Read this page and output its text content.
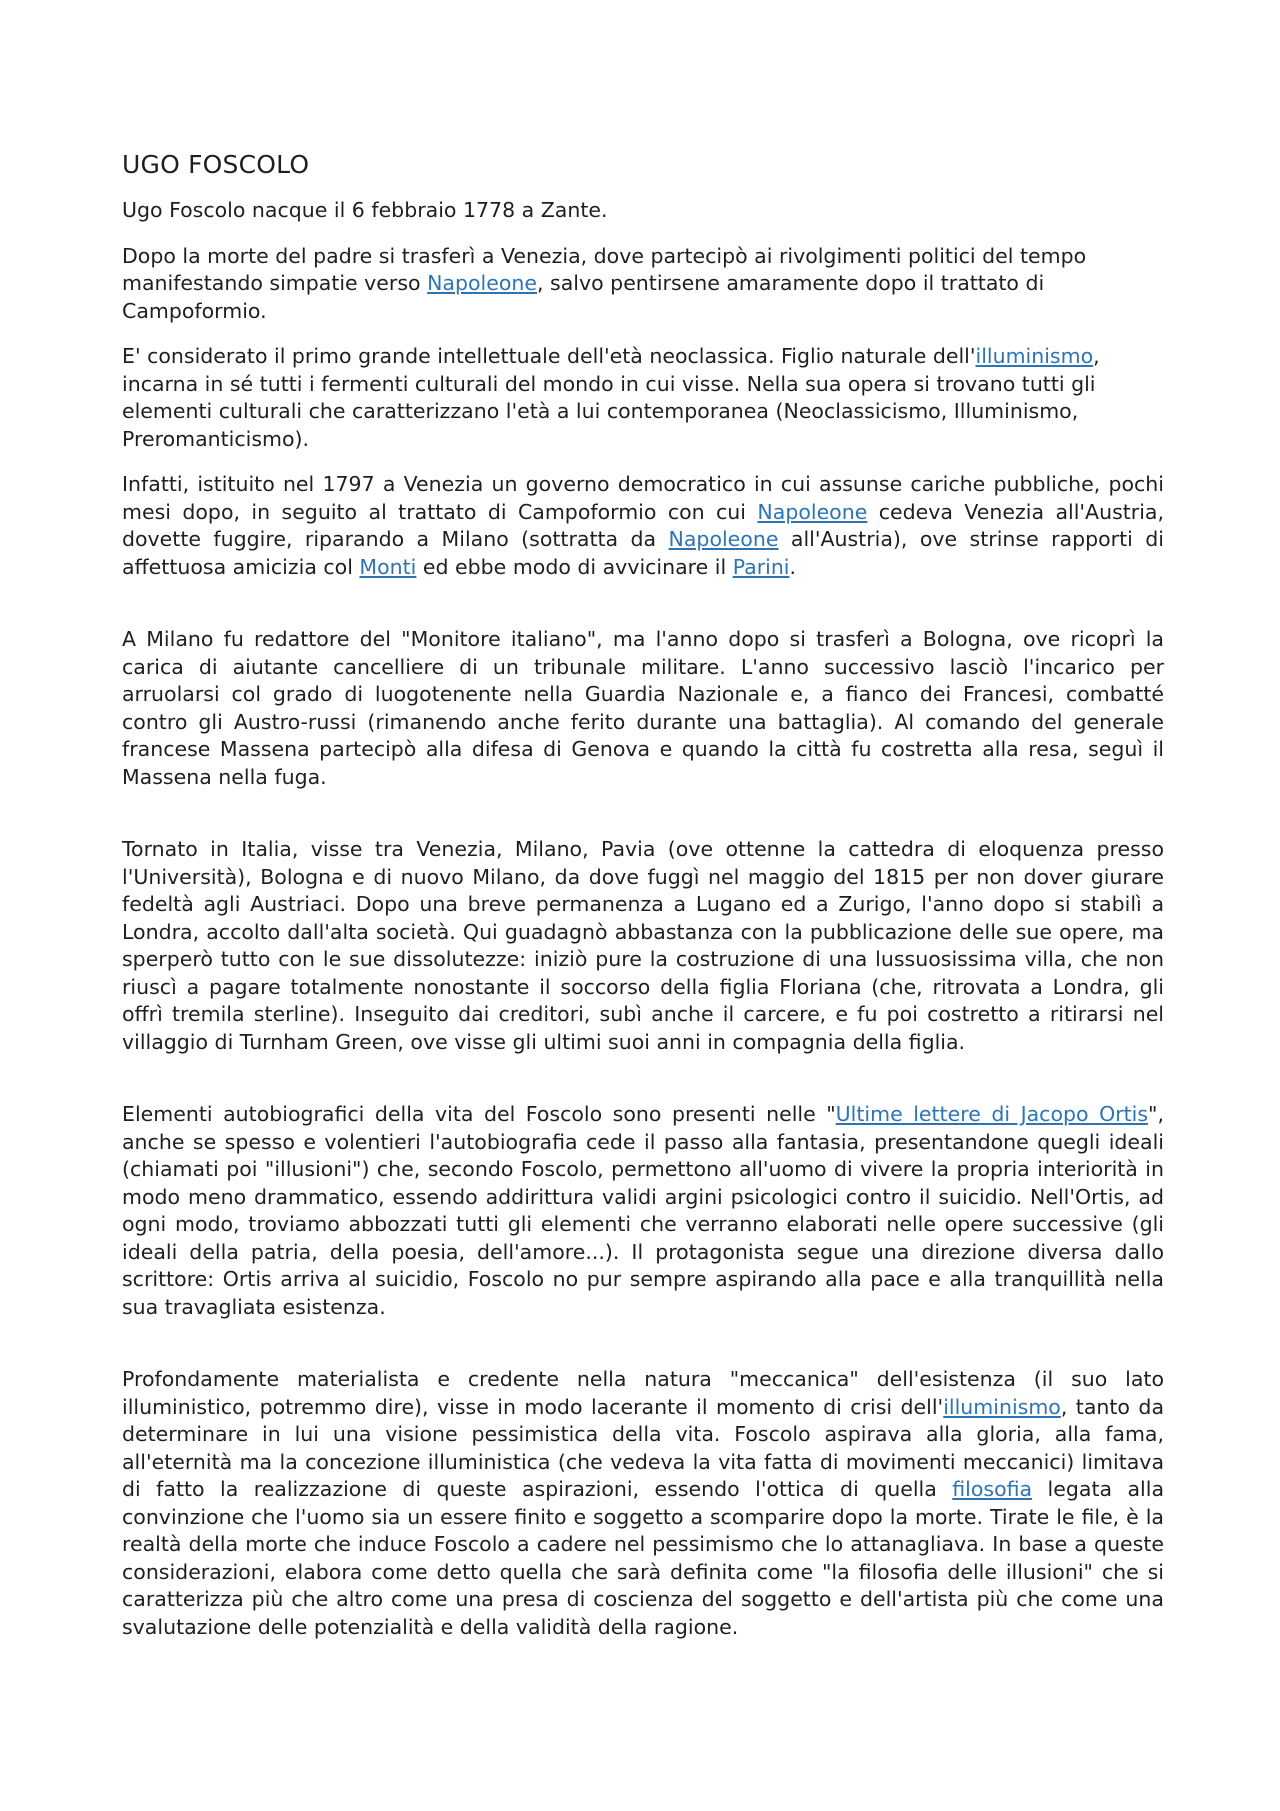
UGO FOSCOLO

Ugo Foscolo nacque il 6 febbraio 1778 a Zante.

Dopo la morte del padre si trasferì a Venezia, dove partecipò ai rivolgimenti politici del tempo manifestando simpatie verso Napoleone, salvo pentirsene amaramente dopo il trattato di Campoformio.

E' considerato il primo grande intellettuale dell'età neoclassica. Figlio naturale dell'illuminismo, incarna in sé tutti i fermenti culturali del mondo in cui visse. Nella sua opera si trovano tutti gli elementi culturali che caratterizzano l'età a lui contemporanea (Neoclassicismo, Illuminismo, Preromanticismo).

Infatti, istituito nel 1797 a Venezia un governo democratico in cui assunse cariche pubbliche, pochi mesi dopo, in seguito al trattato di Campoformio con cui Napoleone cedeva Venezia all'Austria, dovette fuggire, riparando a Milano (sottratta da Napoleone all'Austria), ove strinse rapporti di affettuosa amicizia col Monti ed ebbe modo di avvicinare il Parini.

A Milano fu redattore del "Monitore italiano", ma l'anno dopo si trasferì a Bologna, ove ricoprì la carica di aiutante cancelliere di un tribunale militare. L'anno successivo lasciò l'incarico per arruolarsi col grado di luogotenente nella Guardia Nazionale e, a fianco dei Francesi, combatté contro gli Austro-russi (rimanendo anche ferito durante una battaglia). Al comando del generale francese Massena partecipò alla difesa di Genova e quando la città fu costretta alla resa, seguì il Massena nella fuga.

Tornato in Italia, visse tra Venezia, Milano, Pavia (ove ottenne la cattedra di eloquenza presso l'Università), Bologna e di nuovo Milano, da dove fuggì nel maggio del 1815 per non dover giurare fedeltà agli Austriaci. Dopo una breve permanenza a Lugano ed a Zurigo, l'anno dopo si stabilì a Londra, accolto dall'alta società. Qui guadagnò abbastanza con la pubblicazione delle sue opere, ma sperperò tutto con le sue dissolutezze: iniziò pure la costruzione di una lussuosissima villa, che non riuscì a pagare totalmente nonostante il soccorso della figlia Floriana (che, ritrovata a Londra, gli offrì tremila sterline). Inseguito dai creditori, subì anche il carcere, e fu poi costretto a ritirarsi nel villaggio di Turnham Green, ove visse gli ultimi suoi anni in compagnia della figlia.

Elementi autobiografici della vita del Foscolo sono presenti nelle "Ultime lettere di Jacopo Ortis", anche se spesso e volentieri l'autobiografia cede il passo alla fantasia, presentandone quegli ideali (chiamati poi "illusioni") che, secondo Foscolo, permettono all'uomo di vivere la propria interiorità in modo meno drammatico, essendo addirittura validi argini psicologici contro il suicidio. Nell'Ortis, ad ogni modo, troviamo abbozzati tutti gli elementi che verranno elaborati nelle opere successive (gli ideali della patria, della poesia, dell'amore...). Il protagonista segue una direzione diversa dallo scrittore: Ortis arriva al suicidio, Foscolo no pur sempre aspirando alla pace e alla tranquillità nella sua travagliata esistenza.

Profondamente materialista e credente nella natura "meccanica" dell'esistenza (il suo lato illuministico, potremmo dire), visse in modo lacerante il momento di crisi dell'illuminismo, tanto da determinare in lui una visione pessimistica della vita. Foscolo aspirava alla gloria, alla fama, all'eternità ma la concezione illuministica (che vedeva la vita fatta di movimenti meccanici) limitava di fatto la realizzazione di queste aspirazioni, essendo l'ottica di quella filosofia legata alla convinzione che l'uomo sia un essere finito e soggetto a scomparire dopo la morte. Tirate le file, è la realtà della morte che induce Foscolo a cadere nel pessimismo che lo attanagliava. In base a queste considerazioni, elabora come detto quella che sarà definita come "la filosofia delle illusioni" che si caratterizza più che altro come una presa di coscienza del soggetto e dell'artista più che come una svalutazione delle potenzialità e della validità della ragione.
